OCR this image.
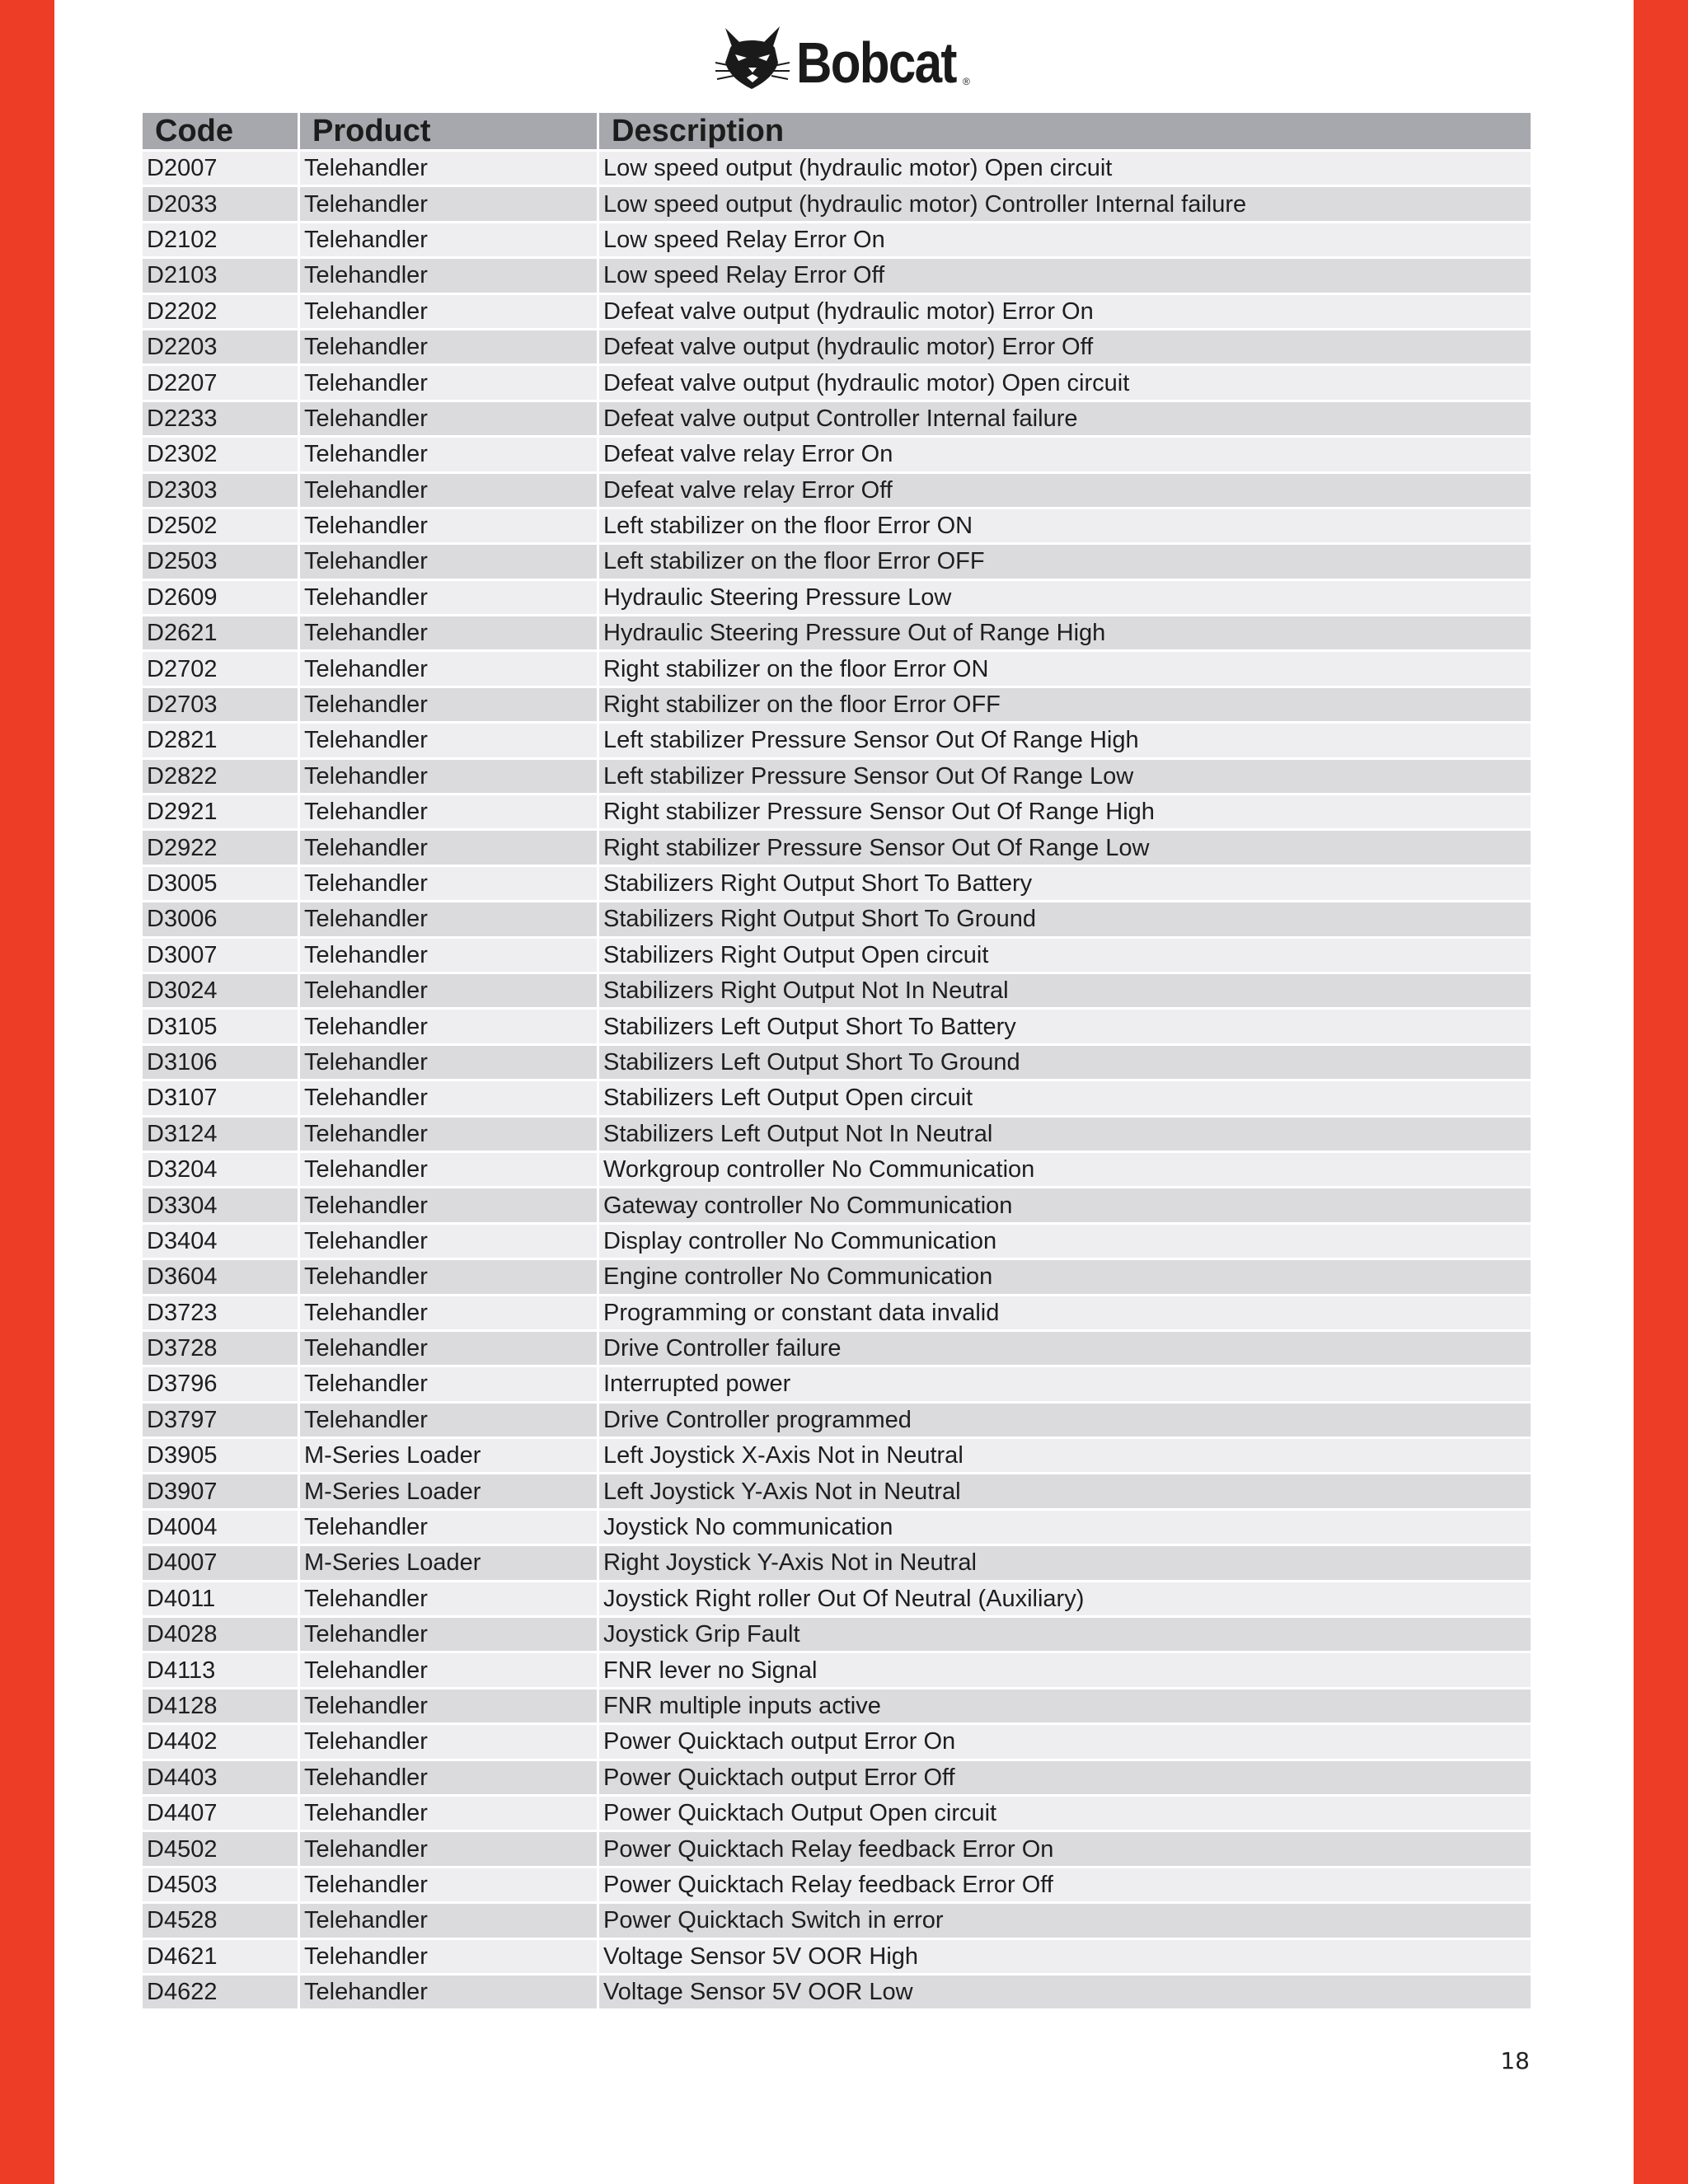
Bobcat ®
Code	Product	Description
D2007	Telehandler	Low speed output (hydraulic motor) Open circuit
D2033	Telehandler	Low speed output (hydraulic motor) Controller Internal failure
D2102	Telehandler	Low speed Relay Error On
D2103	Telehandler	Low speed Relay Error Off
D2202	Telehandler	Defeat valve output (hydraulic motor) Error On
D2203	Telehandler	Defeat valve output (hydraulic motor) Error Off
D2207	Telehandler	Defeat valve output (hydraulic motor) Open circuit
D2233	Telehandler	Defeat valve output Controller Internal failure
D2302	Telehandler	Defeat valve relay Error On
D2303	Telehandler	Defeat valve relay Error Off
D2502	Telehandler	Left stabilizer on the floor Error ON
D2503	Telehandler	Left stabilizer on the floor Error OFF
D2609	Telehandler	Hydraulic Steering Pressure Low
D2621	Telehandler	Hydraulic Steering Pressure Out of Range High
D2702	Telehandler	Right stabilizer on the floor Error ON
D2703	Telehandler	Right stabilizer on the floor Error OFF
D2821	Telehandler	Left stabilizer Pressure Sensor Out Of Range High
D2822	Telehandler	Left stabilizer Pressure Sensor Out Of Range Low
D2921	Telehandler	Right stabilizer Pressure Sensor Out Of Range High
D2922	Telehandler	Right stabilizer Pressure Sensor Out Of Range Low
D3005	Telehandler	Stabilizers Right Output Short To Battery
D3006	Telehandler	Stabilizers Right Output Short To Ground
D3007	Telehandler	Stabilizers Right Output Open circuit
D3024	Telehandler	Stabilizers Right Output Not In Neutral
D3105	Telehandler	Stabilizers Left Output Short To Battery
D3106	Telehandler	Stabilizers Left Output Short To Ground
D3107	Telehandler	Stabilizers Left Output Open circuit
D3124	Telehandler	Stabilizers Left Output Not In Neutral
D3204	Telehandler	Workgroup controller No Communication
D3304	Telehandler	Gateway controller No Communication
D3404	Telehandler	Display controller No Communication
D3604	Telehandler	Engine controller No Communication
D3723	Telehandler	Programming or constant data invalid
D3728	Telehandler	Drive Controller failure
D3796	Telehandler	Interrupted power
D3797	Telehandler	Drive Controller programmed
D3905	M-Series Loader	Left Joystick X-Axis Not in Neutral
D3907	M-Series Loader	Left Joystick Y-Axis Not in Neutral
D4004	Telehandler	Joystick No communication
D4007	M-Series Loader	Right Joystick Y-Axis Not in Neutral
D4011	Telehandler	Joystick Right roller Out Of Neutral (Auxiliary)
D4028	Telehandler	Joystick Grip Fault
D4113	Telehandler	FNR lever no Signal
D4128	Telehandler	FNR multiple inputs active
D4402	Telehandler	Power Quicktach output Error On
D4403	Telehandler	Power Quicktach output Error Off
D4407	Telehandler	Power Quicktach Output Open circuit
D4502	Telehandler	Power Quicktach Relay feedback Error On
D4503	Telehandler	Power Quicktach Relay feedback Error Off
D4528	Telehandler	Power Quicktach Switch in error
D4621	Telehandler	Voltage Sensor 5V OOR High
D4622	Telehandler	Voltage Sensor 5V OOR Low
18
